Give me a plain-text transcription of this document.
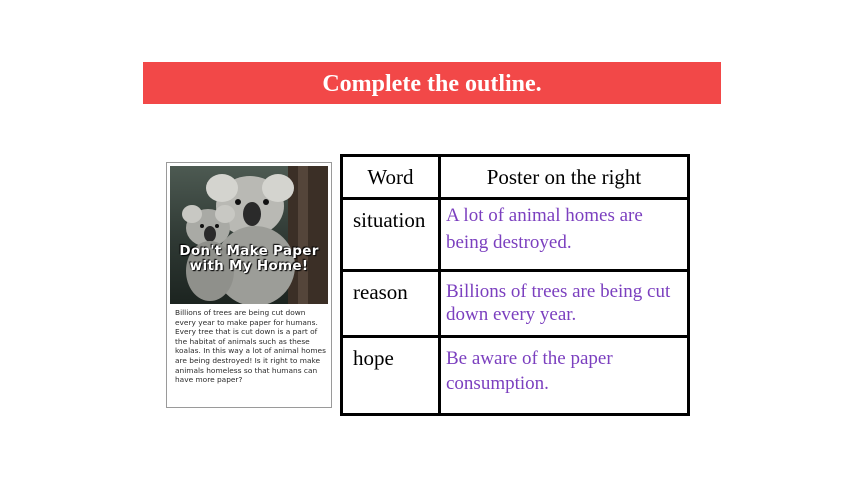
Complete the outline.
Don't Make Paper with My Home!
Billions of trees are being cut down every year to make paper for humans. Every tree that is cut down is a part of the habitat of animals such as these koalas. In this way a lot of animal homes are being destroyed! Is it right to make animals homeless so that humans can have more paper?
Word	Poster on the right
situation	A lot of animal homes are being destroyed.
reason	Billions of trees are being cut down every year.
hope	Be aware of the paper consumption.
